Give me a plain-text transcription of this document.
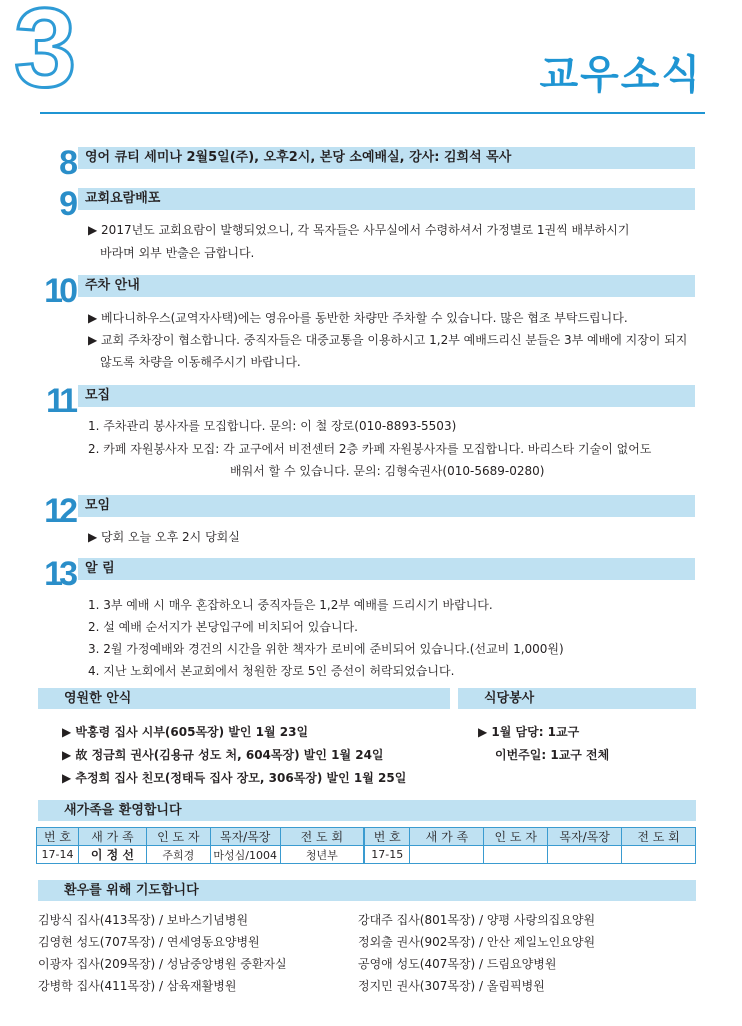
3	교우소식
8 영어 큐티 세미나 2월5일(주), 오후2시, 본당 소예배실, 강사: 김희석 목사
9 교회요람배포
▶ 2017년도 교회요람이 발행되었으니, 각 목자들은 사무실에서 수령하셔서 가정별로 1권씩 배부하시기
바라며 외부 반출은 금합니다.
10 주차 안내
▶ 베다니하우스(교역자사택)에는 영유아를 동반한 차량만 주차할 수 있습니다. 많은 협조 부탁드립니다.
▶ 교회 주차장이 협소합니다. 중직자들은 대중교통을 이용하시고 1,2부 예배드리신 분들은 3부 예배에 지장이 되지
않도록 차량을 이동해주시기 바랍니다.
11 모집
1. 주차관리 봉사자를 모집합니다. 문의: 이 철 장로(010-8893-5503)
2. 카페 자원봉사자 모집: 각 교구에서 비전센터 2층 카페 자원봉사자를 모집합니다. 바리스타 기술이 없어도
배워서 할 수 있습니다. 문의: 김형숙권사(010-5689-0280)
12 모임
▶ 당회 오늘 오후 2시 당회실
13 알 림
1. 3부 예배 시 매우 혼잡하오니 중직자들은 1,2부 예배를 드리시기 바랍니다.
2. 설 예배 순서지가 본당입구에 비치되어 있습니다.
3. 2월 가정예배와 경건의 시간을 위한 책자가 로비에 준비되어 있습니다.(선교비 1,000원)
4. 지난 노회에서 본교회에서 청원한 장로 5인 증선이 허락되었습니다.
영원한 안식	식당봉사
▶ 박홍령 집사 시부(605목장) 발인 1월 23일
▶ 故 정금희 권사(김용규 성도 처, 604목장) 발인 1월 24일
▶ 추정희 집사 친모(정태득 집사 장모, 306목장) 발인 1월 25일
▶ 1월 담당: 1교구
이번주일: 1교구 전체
새가족을 환영합니다
번 호	새 가 족	인 도 자	목자/목장	전 도 회	번 호	새 가 족	인 도 자	목자/목장	전 도 회
17-14	이 정 선	주희경	마성심/1004	청년부	17-15				
환우를 위해 기도합니다
김방식 집사(413목장) / 보바스기념병원
김영현 성도(707목장) / 연세영동요양병원
이광자 집사(209목장) / 성남중앙병원 중환자실
강병학 집사(411목장) / 삼육재활병원
강대주 집사(801목장) / 양평 사랑의집요양원
정외출 권사(902목장) / 안산 제일노인요양원
공영애 성도(407목장) / 드림요양병원
정지민 권사(307목장) / 올림픽병원
